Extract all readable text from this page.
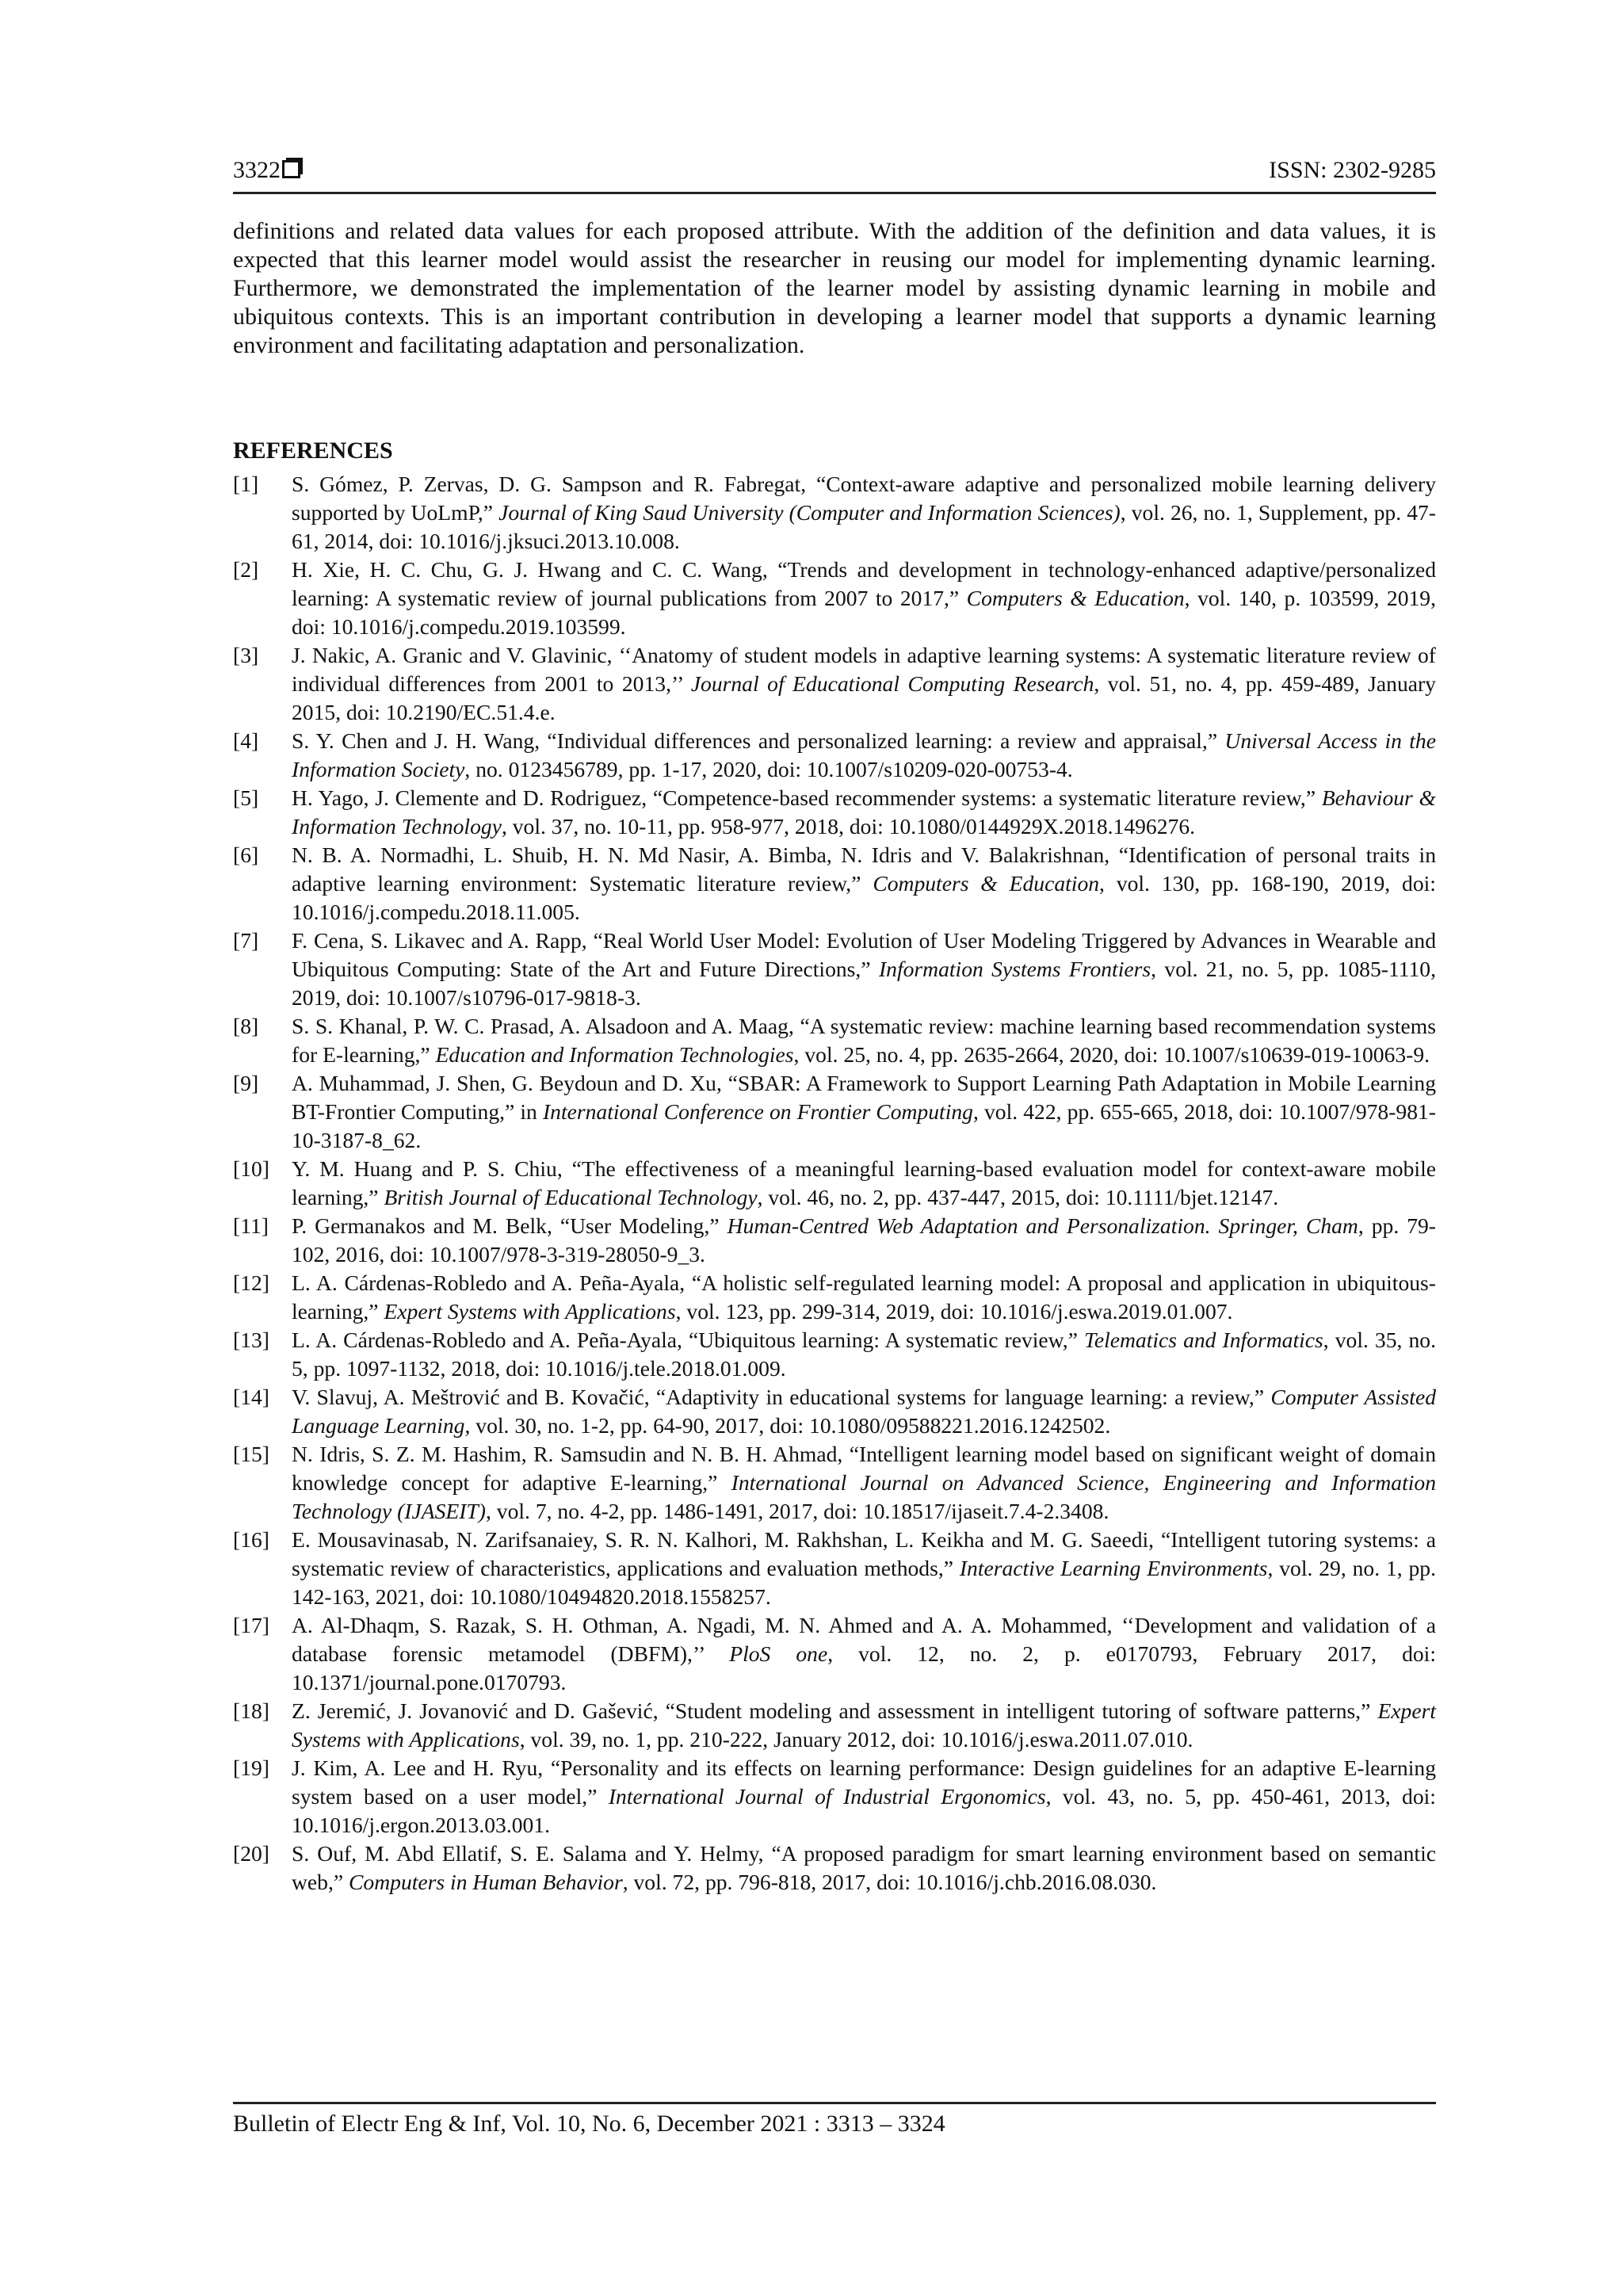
3322	ISSN: 2302-9285

definitions and related data values for each proposed attribute. With the addition of the definition and data values, it is expected that this learner model would assist the researcher in reusing our model for implementing dynamic learning. Furthermore, we demonstrated the implementation of the learner model by assisting dynamic learning in mobile and ubiquitous contexts. This is an important contribution in developing a learner model that supports a dynamic learning environment and facilitating adaptation and personalization.

REFERENCES
[1] S. Gómez, P. Zervas, D. G. Sampson and R. Fabregat, “Context-aware adaptive and personalized mobile learning delivery supported by UoLmP,” Journal of King Saud University (Computer and Information Sciences), vol. 26, no. 1, Supplement, pp. 47-61, 2014, doi: 10.1016/j.jksuci.2013.10.008.
[2] H. Xie, H. C. Chu, G. J. Hwang and C. C. Wang, “Trends and development in technology-enhanced adaptive/personalized learning: A systematic review of journal publications from 2007 to 2017,” Computers & Education, vol. 140, p. 103599, 2019, doi: 10.1016/j.compedu.2019.103599.
[3] J. Nakic, A. Granic and V. Glavinic, ‘‘Anatomy of student models in adaptive learning systems: A systematic literature review of individual differences from 2001 to 2013,’’ Journal of Educational Computing Research, vol. 51, no. 4, pp. 459-489, January 2015, doi: 10.2190/EC.51.4.e.
[4] S. Y. Chen and J. H. Wang, “Individual differences and personalized learning: a review and appraisal,” Universal Access in the Information Society, no. 0123456789, pp. 1-17, 2020, doi: 10.1007/s10209-020-00753-4.
[5] H. Yago, J. Clemente and D. Rodriguez, “Competence-based recommender systems: a systematic literature review,” Behaviour & Information Technology, vol. 37, no. 10-11, pp. 958-977, 2018, doi: 10.1080/0144929X.2018.1496276.
[6] N. B. A. Normadhi, L. Shuib, H. N. Md Nasir, A. Bimba, N. Idris and V. Balakrishnan, “Identification of personal traits in adaptive learning environment: Systematic literature review,” Computers & Education, vol. 130, pp. 168-190, 2019, doi: 10.1016/j.compedu.2018.11.005.
[7] F. Cena, S. Likavec and A. Rapp, “Real World User Model: Evolution of User Modeling Triggered by Advances in Wearable and Ubiquitous Computing: State of the Art and Future Directions,” Information Systems Frontiers, vol. 21, no. 5, pp. 1085-1110, 2019, doi: 10.1007/s10796-017-9818-3.
[8] S. S. Khanal, P. W. C. Prasad, A. Alsadoon and A. Maag, “A systematic review: machine learning based recommendation systems for E-learning,” Education and Information Technologies, vol. 25, no. 4, pp. 2635-2664, 2020, doi: 10.1007/s10639-019-10063-9.
[9] A. Muhammad, J. Shen, G. Beydoun and D. Xu, “SBAR: A Framework to Support Learning Path Adaptation in Mobile Learning BT-Frontier Computing,” in International Conference on Frontier Computing, vol. 422, pp. 655-665, 2018, doi: 10.1007/978-981-10-3187-8_62.
[10] Y. M. Huang and P. S. Chiu, “The effectiveness of a meaningful learning-based evaluation model for context-aware mobile learning,” British Journal of Educational Technology, vol. 46, no. 2, pp. 437-447, 2015, doi: 10.1111/bjet.12147.
[11] P. Germanakos and M. Belk, “User Modeling,” Human-Centred Web Adaptation and Personalization. Springer, Cham, pp. 79-102, 2016, doi: 10.1007/978-3-319-28050-9_3.
[12] L. A. Cárdenas-Robledo and A. Peña-Ayala, “A holistic self-regulated learning model: A proposal and application in ubiquitous-learning,” Expert Systems with Applications, vol. 123, pp. 299-314, 2019, doi: 10.1016/j.eswa.2019.01.007.
[13] L. A. Cárdenas-Robledo and A. Peña-Ayala, “Ubiquitous learning: A systematic review,” Telematics and Informatics, vol. 35, no. 5, pp. 1097-1132, 2018, doi: 10.1016/j.tele.2018.01.009.
[14] V. Slavuj, A. Meštrović and B. Kovačić, “Adaptivity in educational systems for language learning: a review,” Computer Assisted Language Learning, vol. 30, no. 1-2, pp. 64-90, 2017, doi: 10.1080/09588221.2016.1242502.
[15] N. Idris, S. Z. M. Hashim, R. Samsudin and N. B. H. Ahmad, “Intelligent learning model based on significant weight of domain knowledge concept for adaptive E-learning,” International Journal on Advanced Science, Engineering and Information Technology (IJASEIT), vol. 7, no. 4-2, pp. 1486-1491, 2017, doi: 10.18517/ijaseit.7.4-2.3408.
[16] E. Mousavinasab, N. Zarifsanaiey, S. R. N. Kalhori, M. Rakhshan, L. Keikha and M. G. Saeedi, “Intelligent tutoring systems: a systematic review of characteristics, applications and evaluation methods,” Interactive Learning Environments, vol. 29, no. 1, pp. 142-163, 2021, doi: 10.1080/10494820.2018.1558257.
[17] A. Al-Dhaqm, S. Razak, S. H. Othman, A. Ngadi, M. N. Ahmed and A. A. Mohammed, ‘‘Development and validation of a database forensic metamodel (DBFM),’’ PloS one, vol. 12, no. 2, p. e0170793, February 2017, doi: 10.1371/journal.pone.0170793.
[18] Z. Jeremić, J. Jovanović and D. Gašević, “Student modeling and assessment in intelligent tutoring of software patterns,” Expert Systems with Applications, vol. 39, no. 1, pp. 210-222, January 2012, doi: 10.1016/j.eswa.2011.07.010.
[19] J. Kim, A. Lee and H. Ryu, “Personality and its effects on learning performance: Design guidelines for an adaptive E-learning system based on a user model,” International Journal of Industrial Ergonomics, vol. 43, no. 5, pp. 450-461, 2013, doi: 10.1016/j.ergon.2013.03.001.
[20] S. Ouf, M. Abd Ellatif, S. E. Salama and Y. Helmy, “A proposed paradigm for smart learning environment based on semantic web,” Computers in Human Behavior, vol. 72, pp. 796-818, 2017, doi: 10.1016/j.chb.2016.08.030.
Bulletin of Electr Eng & Inf, Vol. 10, No. 6, December 2021 : 3313 – 3324
